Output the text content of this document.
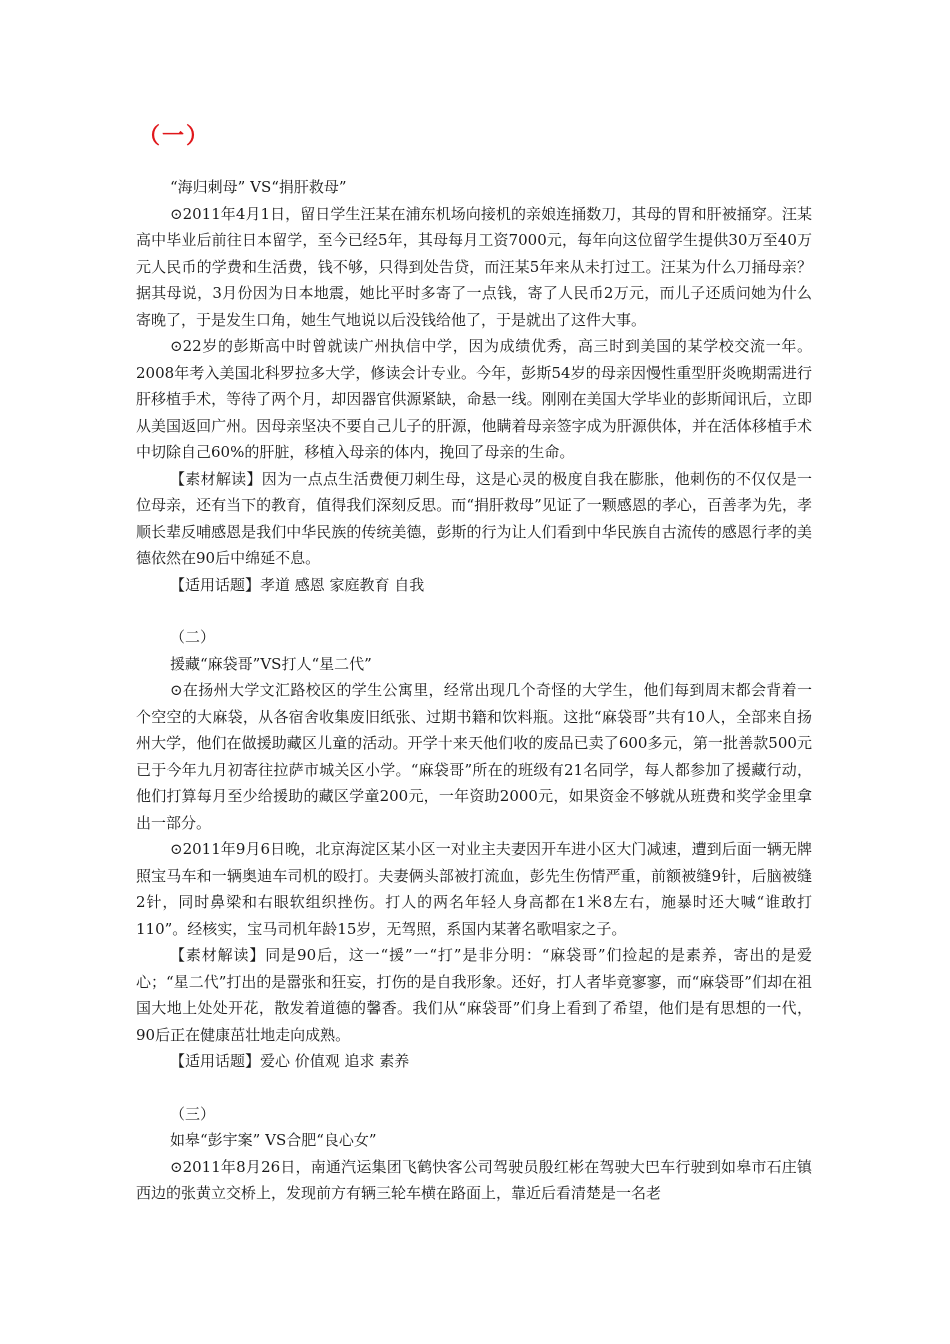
（一）
“海归刺母” VS“捐肝救母”

⊙2011年4月1日，留日学生汪某在浦东机场向接机的亲娘连捅数刀，其母的胃和肝被捅穿。汪某高中毕业后前往日本留学，至今已经5年，其母每月工资7000元，每年向这位留学生提供30万至40万元人民币的学费和生活费，钱不够，只得到处告贷，而汪某5年来从未打过工。汪某为什么刀捅母亲？据其母说，3月份因为日本地震，她比平时多寄了一点钱，寄了人民币2万元，而儿子还质问她为什么寄晚了，于是发生口角，她生气地说以后没钱给他了，于是就出了这件大事。

⊙22岁的彭斯高中时曾就读广州执信中学，因为成绩优秀，高三时到美国的某学校交流一年。2008年考入美国北科罗拉多大学，修读会计专业。今年，彭斯54岁的母亲因慢性重型肝炎晚期需进行肝移植手术，等待了两个月，却因器官供源紧缺，命悬一线。刚刚在美国大学毕业的彭斯闻讯后，立即从美国返回广州。因母亲坚决不要自己儿子的肝源，他瞒着母亲签字成为肝源供体，并在活体移植手术中切除自己60%的肝脏，移植入母亲的体内，挽回了母亲的生命。

【素材解读】因为一点点生活费便刀刺生母，这是心灵的极度自我在膨胀，他刺伤的不仅仅是一位母亲，还有当下的教育，值得我们深刻反思。而“捐肝救母”见证了一颗感恩的孝心，百善孝为先，孝顺长辈反哺感恩是我们中华民族的传统美德，彭斯的行为让人们看到中华民族自古流传的感恩行孝的美德依然在90后中绵延不息。

【适用话题】孝道 感恩 家庭教育 自我

（二）
援藏“麻袋哥”VS打人“星二代”

⊙在扬州大学文汇路校区的学生公寓里，经常出现几个奇怪的大学生，他们每到周末都会背着一个空空的大麻袋，从各宿舍收集废旧纸张、过期书籍和饮料瓶。这批“麻袋哥”共有10人，全部来自扬州大学，他们在做援助藏区儿童的活动。开学十来天他们收的废品已卖了600多元，第一批善款500元已于今年九月初寄往拉萨市城关区小学。“麻袋哥”所在的班级有21名同学，每人都参加了援藏行动，他们打算每月至少给援助的藏区学童200元，一年资助2000元，如果资金不够就从班费和奖学金里拿出一部分。

⊙2011年9月6日晚，北京海淀区某小区一对业主夫妻因开车进小区大门减速，遭到后面一辆无牌照宝马车和一辆奥迪车司机的殴打。夫妻俩头部被打流血，彭先生伤情严重，前额被缝9针，后脑被缝2针，同时鼻梁和右眼软组织挫伤。打人的两名年轻人身高都在1米8左右，施暴时还大喊“谁敢打110”。经核实，宝马司机年龄15岁，无驾照，系国内某著名歌唱家之子。

【素材解读】同是90后，这一“援”一“打”是非分明：“麻袋哥”们捡起的是素养，寄出的是爱心；“星二代”打出的是嚣张和狂妄，打伤的是自我形象。还好，打人者毕竟寥寥，而“麻袋哥”们却在祖国大地上处处开花，散发着道德的馨香。我们从“麻袋哥”们身上看到了希望，他们是有思想的一代，90后正在健康茁壮地走向成熟。

【适用话题】爱心 价值观 追求 素养

（三）
如皋“彭宇案” VS合肥“良心女”

⊙2011年8月26日，南通汽运集团飞鹤快客公司驾驶员殷红彬在驾驶大巴车行驶到如皋市石庄镇西边的张黄立交桥上，发现前方有辆三轮车横在路面上，靠近后看清楚是一名老
